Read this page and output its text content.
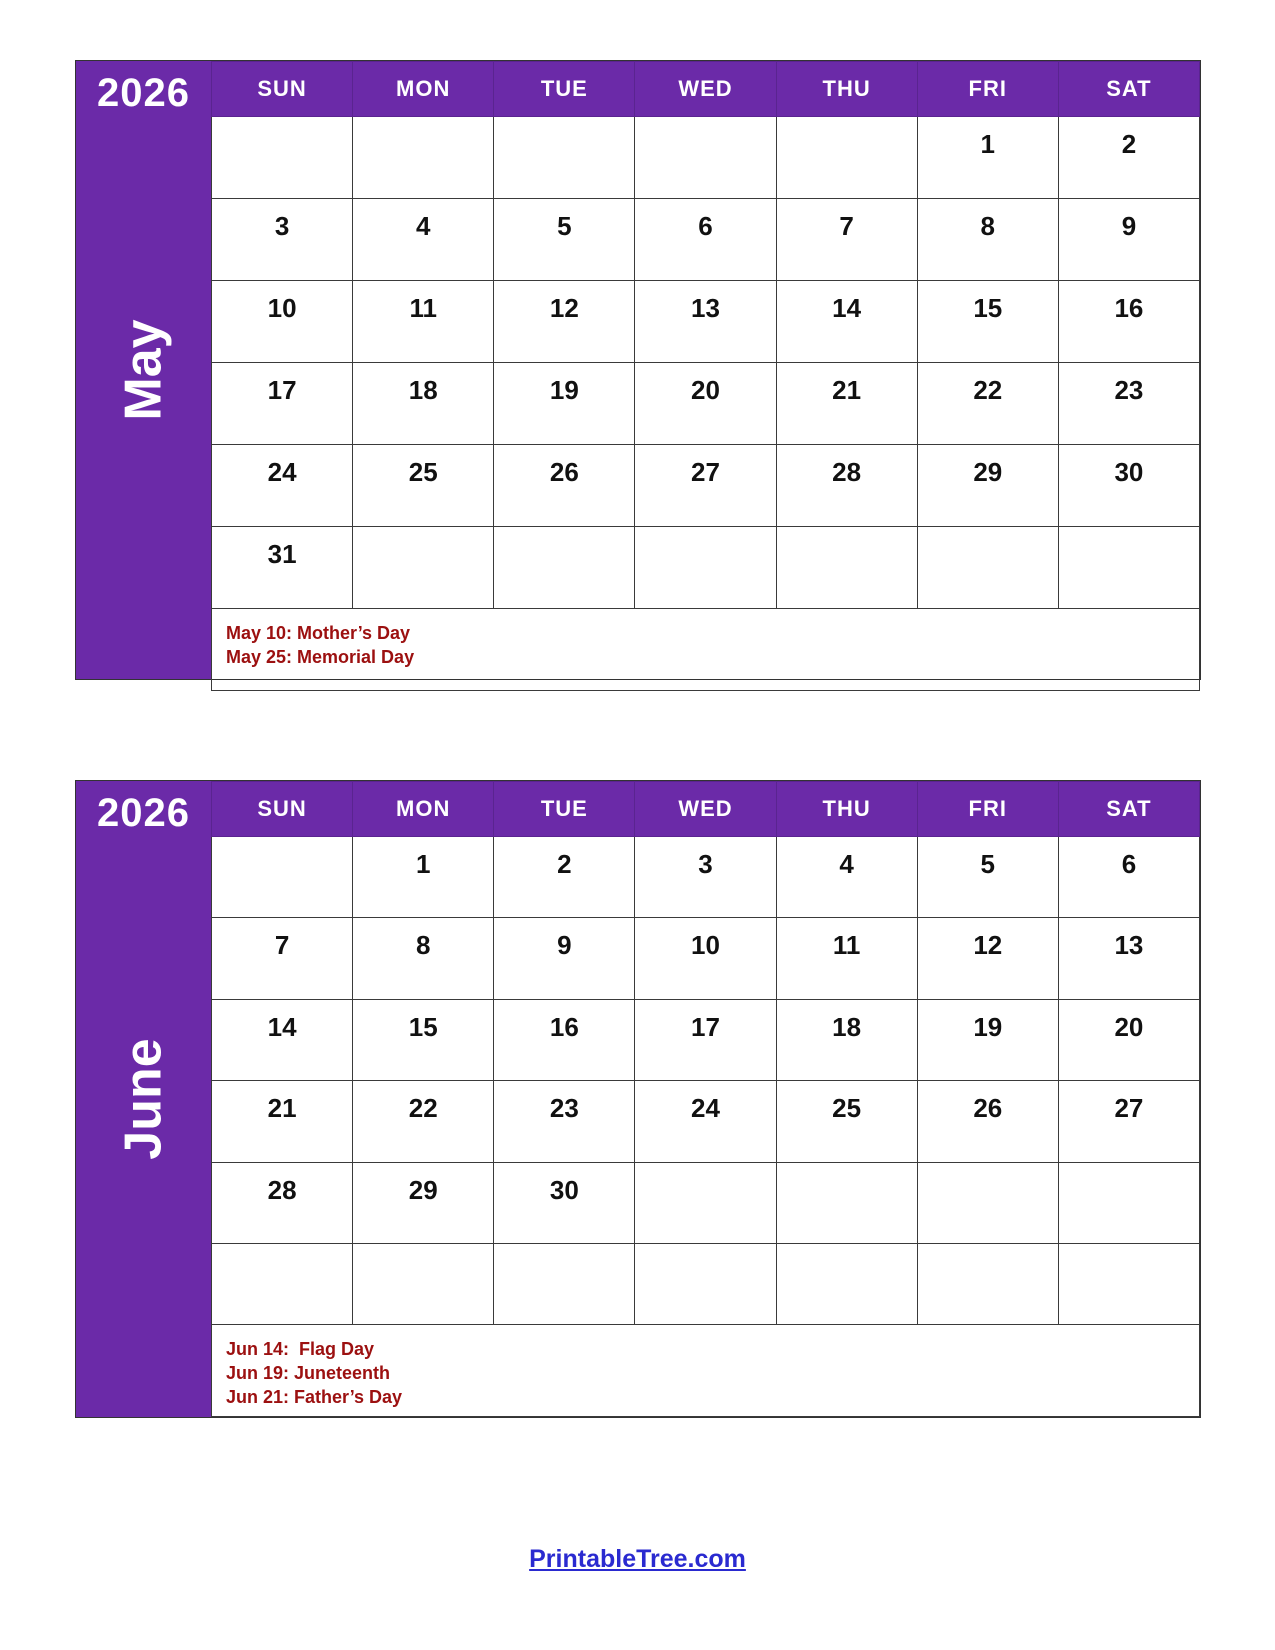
2026
May
SUN	MON	TUE	WED	THU	FRI	SAT
					1	2
3	4	5	6	7	8	9
10	11	12	13	14	15	16
17	18	19	20	21	22	23
24	25	26	27	28	29	30
31						

May 10: Mother’s Day
May 25: Memorial Day						
2026
June
SUN	MON	TUE	WED	THU	FRI	SAT
	1	2	3	4	5	6
7	8	9	10	11	12	13
14	15	16	17	18	19	20
21	22	23	24	25	26	27
28	29	30				

Jun 14:  Flag Day
Jun 19: Juneteenth
Jun 21: Father’s Day						
PrintableTree.com
